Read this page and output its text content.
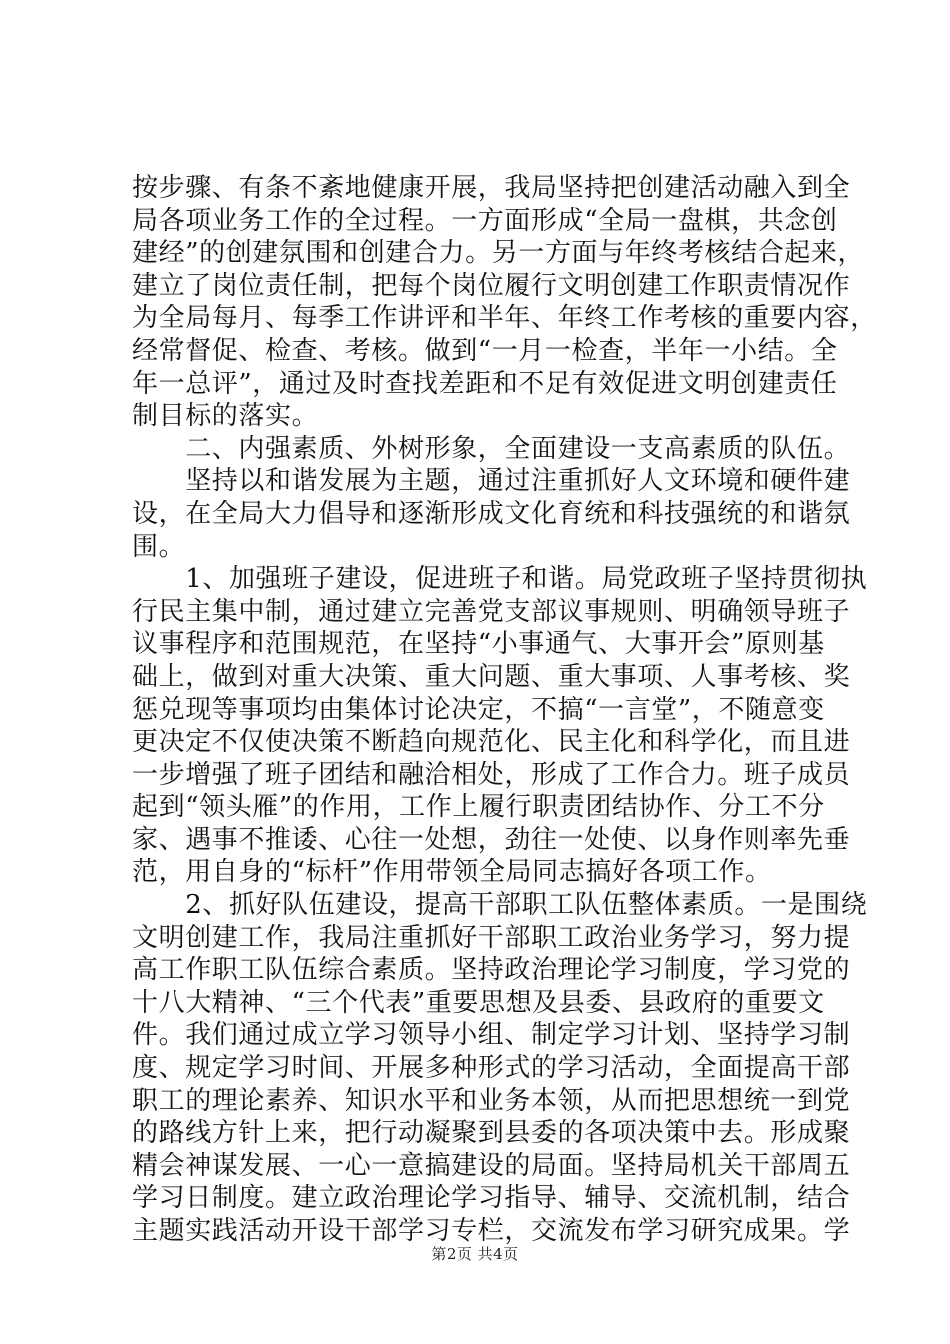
按步骤、有条不紊地健康开展，我局坚持把创建活动融入到全
局各项业务工作的全过程。一方面形成“全局一盘棋，共念创
建经”的创建氛围和创建合力。另一方面与年终考核结合起来，
建立了岗位责任制，把每个岗位履行文明创建工作职责情况作
为全局每月、每季工作讲评和半年、年终工作考核的重要内容，
经常督促、检查、考核。做到“一月一检查，半年一小结。全
年一总评”，通过及时查找差距和不足有效促进文明创建责任
制目标的落实。
　　二、内强素质、外树形象，全面建设一支高素质的队伍。
　　坚持以和谐发展为主题，通过注重抓好人文环境和硬件建
设，在全局大力倡导和逐渐形成文化育统和科技强统的和谐氛
围。
　　1、加强班子建设，促进班子和谐。局党政班子坚持贯彻执
行民主集中制，通过建立完善党支部议事规则、明确领导班子
议事程序和范围规范，在坚持“小事通气、大事开会”原则基
础上，做到对重大决策、重大问题、重大事项、人事考核、奖
惩兑现等事项均由集体讨论决定，不搞“一言堂”，不随意变
更决定不仅使决策不断趋向规范化、民主化和科学化，而且进
一步增强了班子团结和融洽相处，形成了工作合力。班子成员
起到“领头雁”的作用，工作上履行职责团结协作、分工不分
家、遇事不推诿、心往一处想，劲往一处使、以身作则率先垂
范，用自身的“标杆”作用带领全局同志搞好各项工作。
　　2、抓好队伍建设，提高干部职工队伍整体素质。一是围绕
文明创建工作，我局注重抓好干部职工政治业务学习，努力提
高工作职工队伍综合素质。坚持政治理论学习制度，学习党的
十八大精神、“三个代表”重要思想及县委、县政府的重要文
件。我们通过成立学习领导小组、制定学习计划、坚持学习制
度、规定学习时间、开展多种形式的学习活动，全面提高干部
职工的理论素养、知识水平和业务本领，从而把思想统一到党
的路线方针上来，把行动凝聚到县委的各项决策中去。形成聚
精会神谋发展、一心一意搞建设的局面。坚持局机关干部周五
学习日制度。建立政治理论学习指导、辅导、交流机制，结合
主题实践活动开设干部学习专栏，交流发布学习研究成果。学
第2页 共4页
